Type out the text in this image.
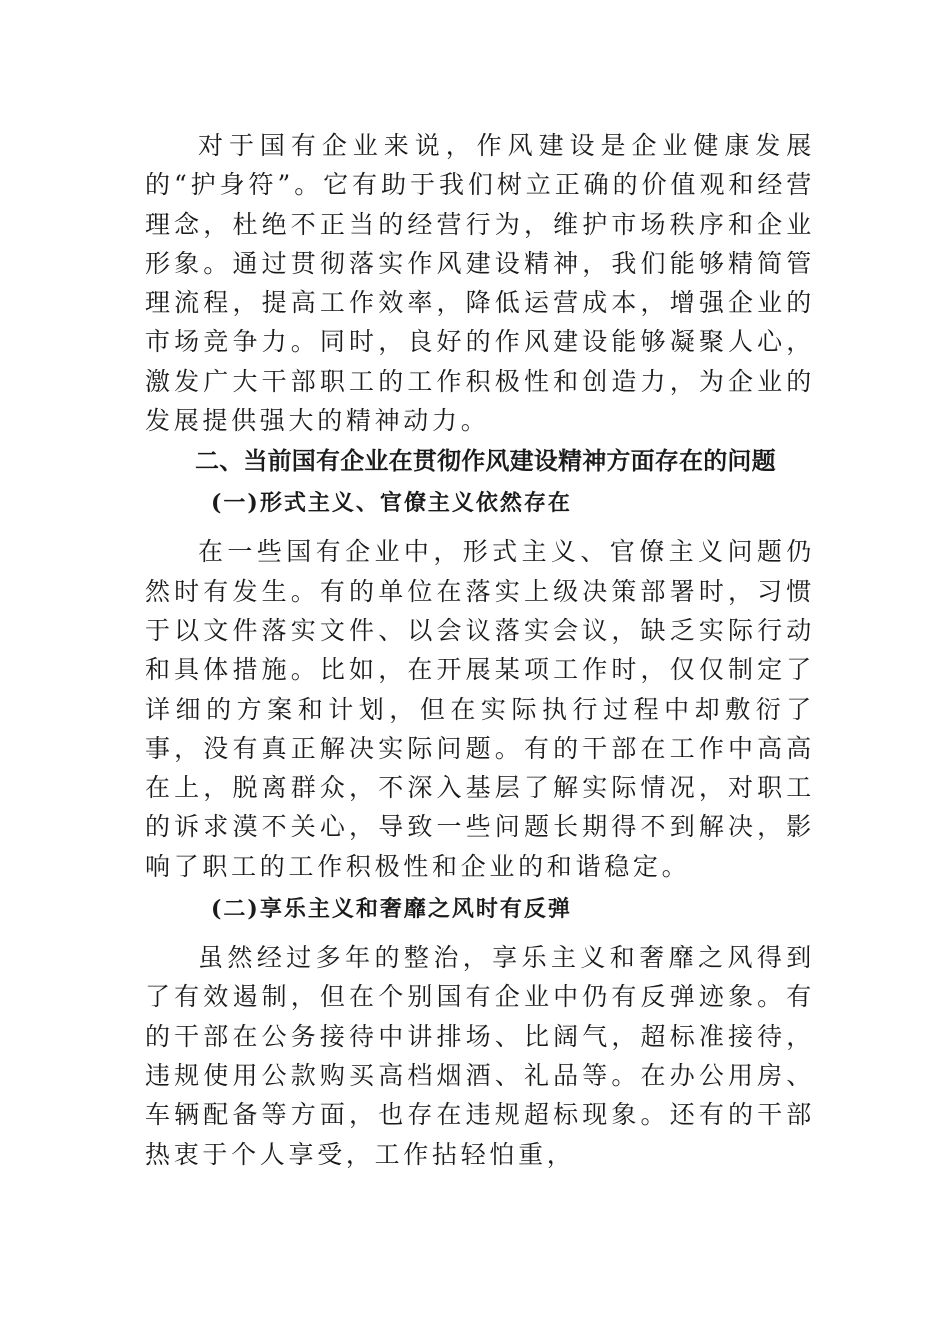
对于国有企业来说，作风建设是企业健康发展的“护身符”。它有助于我们树立正确的价值观和经营理念，杜绝不正当的经营行为，维护市场秩序和企业形象。通过贯彻落实作风建设精神，我们能够精简管理流程，提高工作效率，降低运营成本，增强企业的市场竞争力。同时，良好的作风建设能够凝聚人心，激发广大干部职工的工作积极性和创造力，为企业的发展提供强大的精神动力。

二、当前国有企业在贯彻作风建设精神方面存在的问题
(一)形式主义、官僚主义依然存在

在一些国有企业中，形式主义、官僚主义问题仍然时有发生。有的单位在落实上级决策部署时，习惯于以文件落实文件、以会议落实会议，缺乏实际行动和具体措施。比如，在开展某项工作时，仅仅制定了详细的方案和计划，但在实际执行过程中却敷衍了事，没有真正解决实际问题。有的干部在工作中高高在上，脱离群众，不深入基层了解实际情况，对职工的诉求漠不关心，导致一些问题长期得不到解决，影响了职工的工作积极性和企业的和谐稳定。

(二)享乐主义和奢靡之风时有反弹

虽然经过多年的整治，享乐主义和奢靡之风得到了有效遏制，但在个别国有企业中仍有反弹迹象。有的干部在公务接待中讲排场、比阔气，超标准接待，违规使用公款购买高档烟酒、礼品等。在办公用房、车辆配备等方面，也存在违规超标现象。还有的干部热衷于个人享受，工作拈轻怕重，
